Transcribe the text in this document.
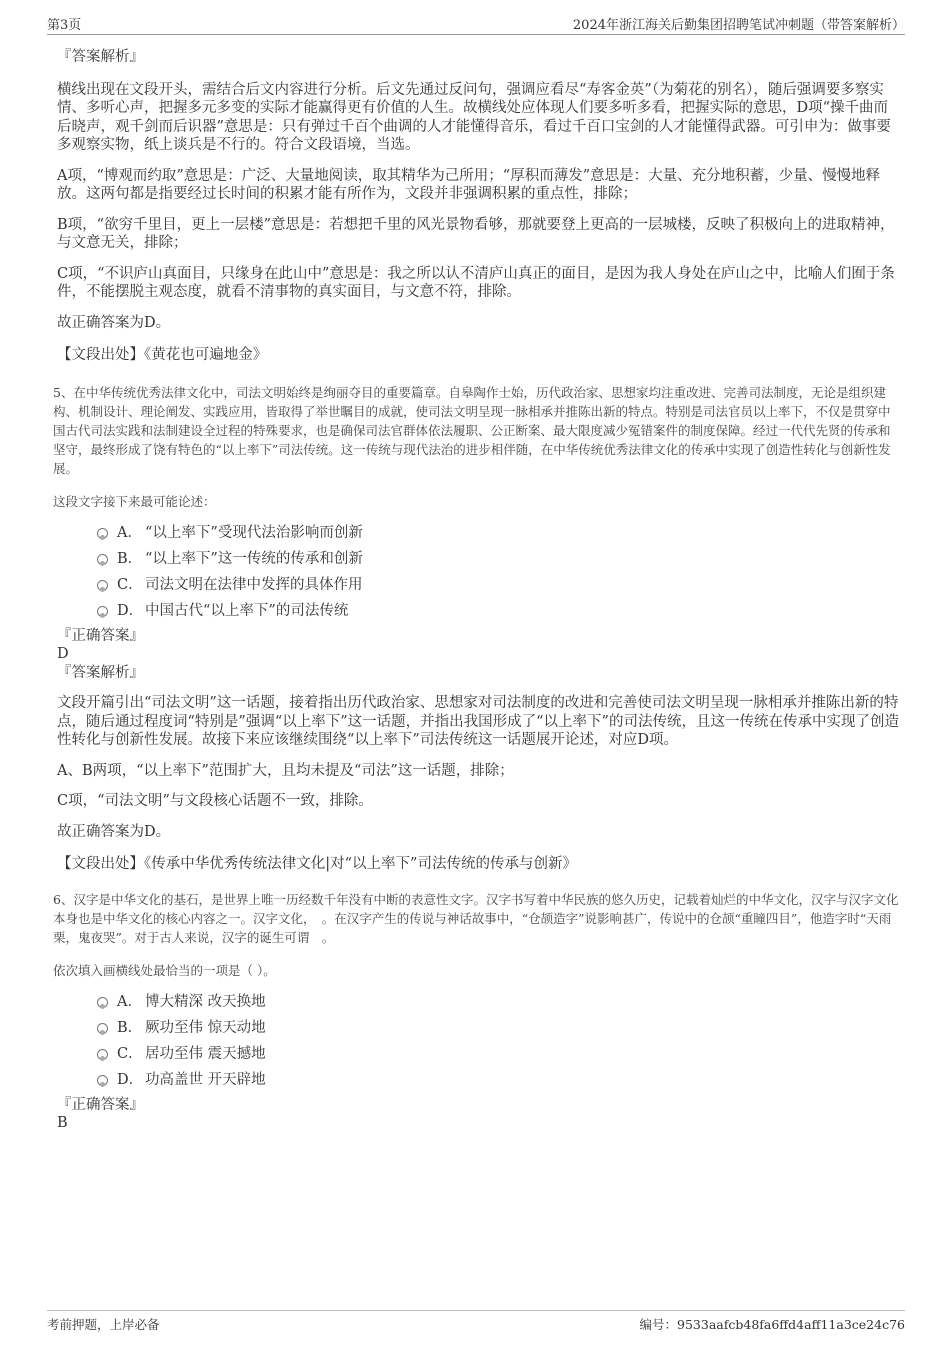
第3页	2024年浙江海关后勤集团招聘笔试冲刺题（带答案解析）

『答案解析』

横线出现在文段开头，需结合后文内容进行分析。后文先通过反问句，强调应看尽“寿客金英”（为菊花的别名），随后强调要多察实情、多听心声，把握多元多变的实际才能赢得更有价值的人生。故横线处应体现人们要多听多看，把握实际的意思，D项“操千曲而后晓声，观千剑而后识器”意思是：只有弹过千百个曲调的人才能懂得音乐，看过千百口宝剑的人才能懂得武器。可引申为：做事要多观察实物，纸上谈兵是不行的。符合文段语境，当选。

A项，“博观而约取”意思是：广泛、大量地阅读，取其精华为己所用；“厚积而薄发”意思是：大量、充分地积蓄，少量、慢慢地释放。这两句都是指要经过长时间的积累才能有所作为，文段并非强调积累的重点性，排除；

B项，“欲穷千里目，更上一层楼”意思是：若想把千里的风光景物看够，那就要登上更高的一层城楼，反映了积极向上的进取精神，与文意无关，排除；

C项，“不识庐山真面目，只缘身在此山中”意思是：我之所以认不清庐山真正的面目，是因为我人身处在庐山之中，比喻人们囿于条件，不能摆脱主观态度，就看不清事物的真实面目，与文意不符，排除。

故正确答案为D。

【文段出处】《黄花也可遍地金》

5、在中华传统优秀法律文化中，司法文明始终是绚丽夺目的重要篇章。自皋陶作士始，历代政治家、思想家均注重改进、完善司法制度，无论是组织建构、机制设计、理论阐发、实践应用，皆取得了举世瞩目的成就，使司法文明呈现一脉相承并推陈出新的特点。特别是司法官员以上率下，不仅是贯穿中国古代司法实践和法制建设全过程的特殊要求，也是确保司法官群体依法履职、公正断案、最大限度减少冤错案件的制度保障。经过一代代先贤的传承和坚守，最终形成了饶有特色的“以上率下”司法传统。这一传统与现代法治的进步相伴随，在中华传统优秀法律文化的传承中实现了创造性转化与创新性发展。

这段文字接下来最可能论述：

A． “以上率下”受现代法治影响而创新
B． “以上率下”这一传统的传承和创新
C． 司法文明在法律中发挥的具体作用
D． 中国古代“以上率下”的司法传统

『正确答案』

D

『答案解析』

文段开篇引出“司法文明”这一话题，接着指出历代政治家、思想家对司法制度的改进和完善使司法文明呈现一脉相承并推陈出新的特点，随后通过程度词“特别是”强调“以上率下”这一话题，并指出我国形成了“以上率下”的司法传统，且这一传统在传承中实现了创造性转化与创新性发展。故接下来应该继续围绕“以上率下”司法传统这一话题展开论述，对应D项。

A、B两项，“以上率下”范围扩大，且均未提及“司法”这一话题，排除；

C项，“司法文明”与文段核心话题不一致，排除。

故正确答案为D。

【文段出处】《传承中华优秀传统法律文化|对“以上率下”司法传统的传承与创新》

6、汉字是中华文化的基石，是世界上唯一历经数千年没有中断的表意性文字。汉字书写着中华民族的悠久历史，记载着灿烂的中华文化，汉字与汉字文化本身也是中华文化的核心内容之一。汉字文化，　。在汉字产生的传说与神话故事中，“仓颉造字”说影响甚广，传说中的仓颉“重瞳四目”，他造字时“天雨栗，鬼夜哭”。对于古人来说，汉字的诞生可谓　。

依次填入画横线处最恰当的一项是（ ）。

A． 博大精深 改天换地
B． 厥功至伟 惊天动地
C． 居功至伟 震天撼地
D． 功高盖世 开天辟地

『正确答案』

B

考前押题，上岸必备	编号：9533aafcb48fa6ffd4aff11a3ce24c76
